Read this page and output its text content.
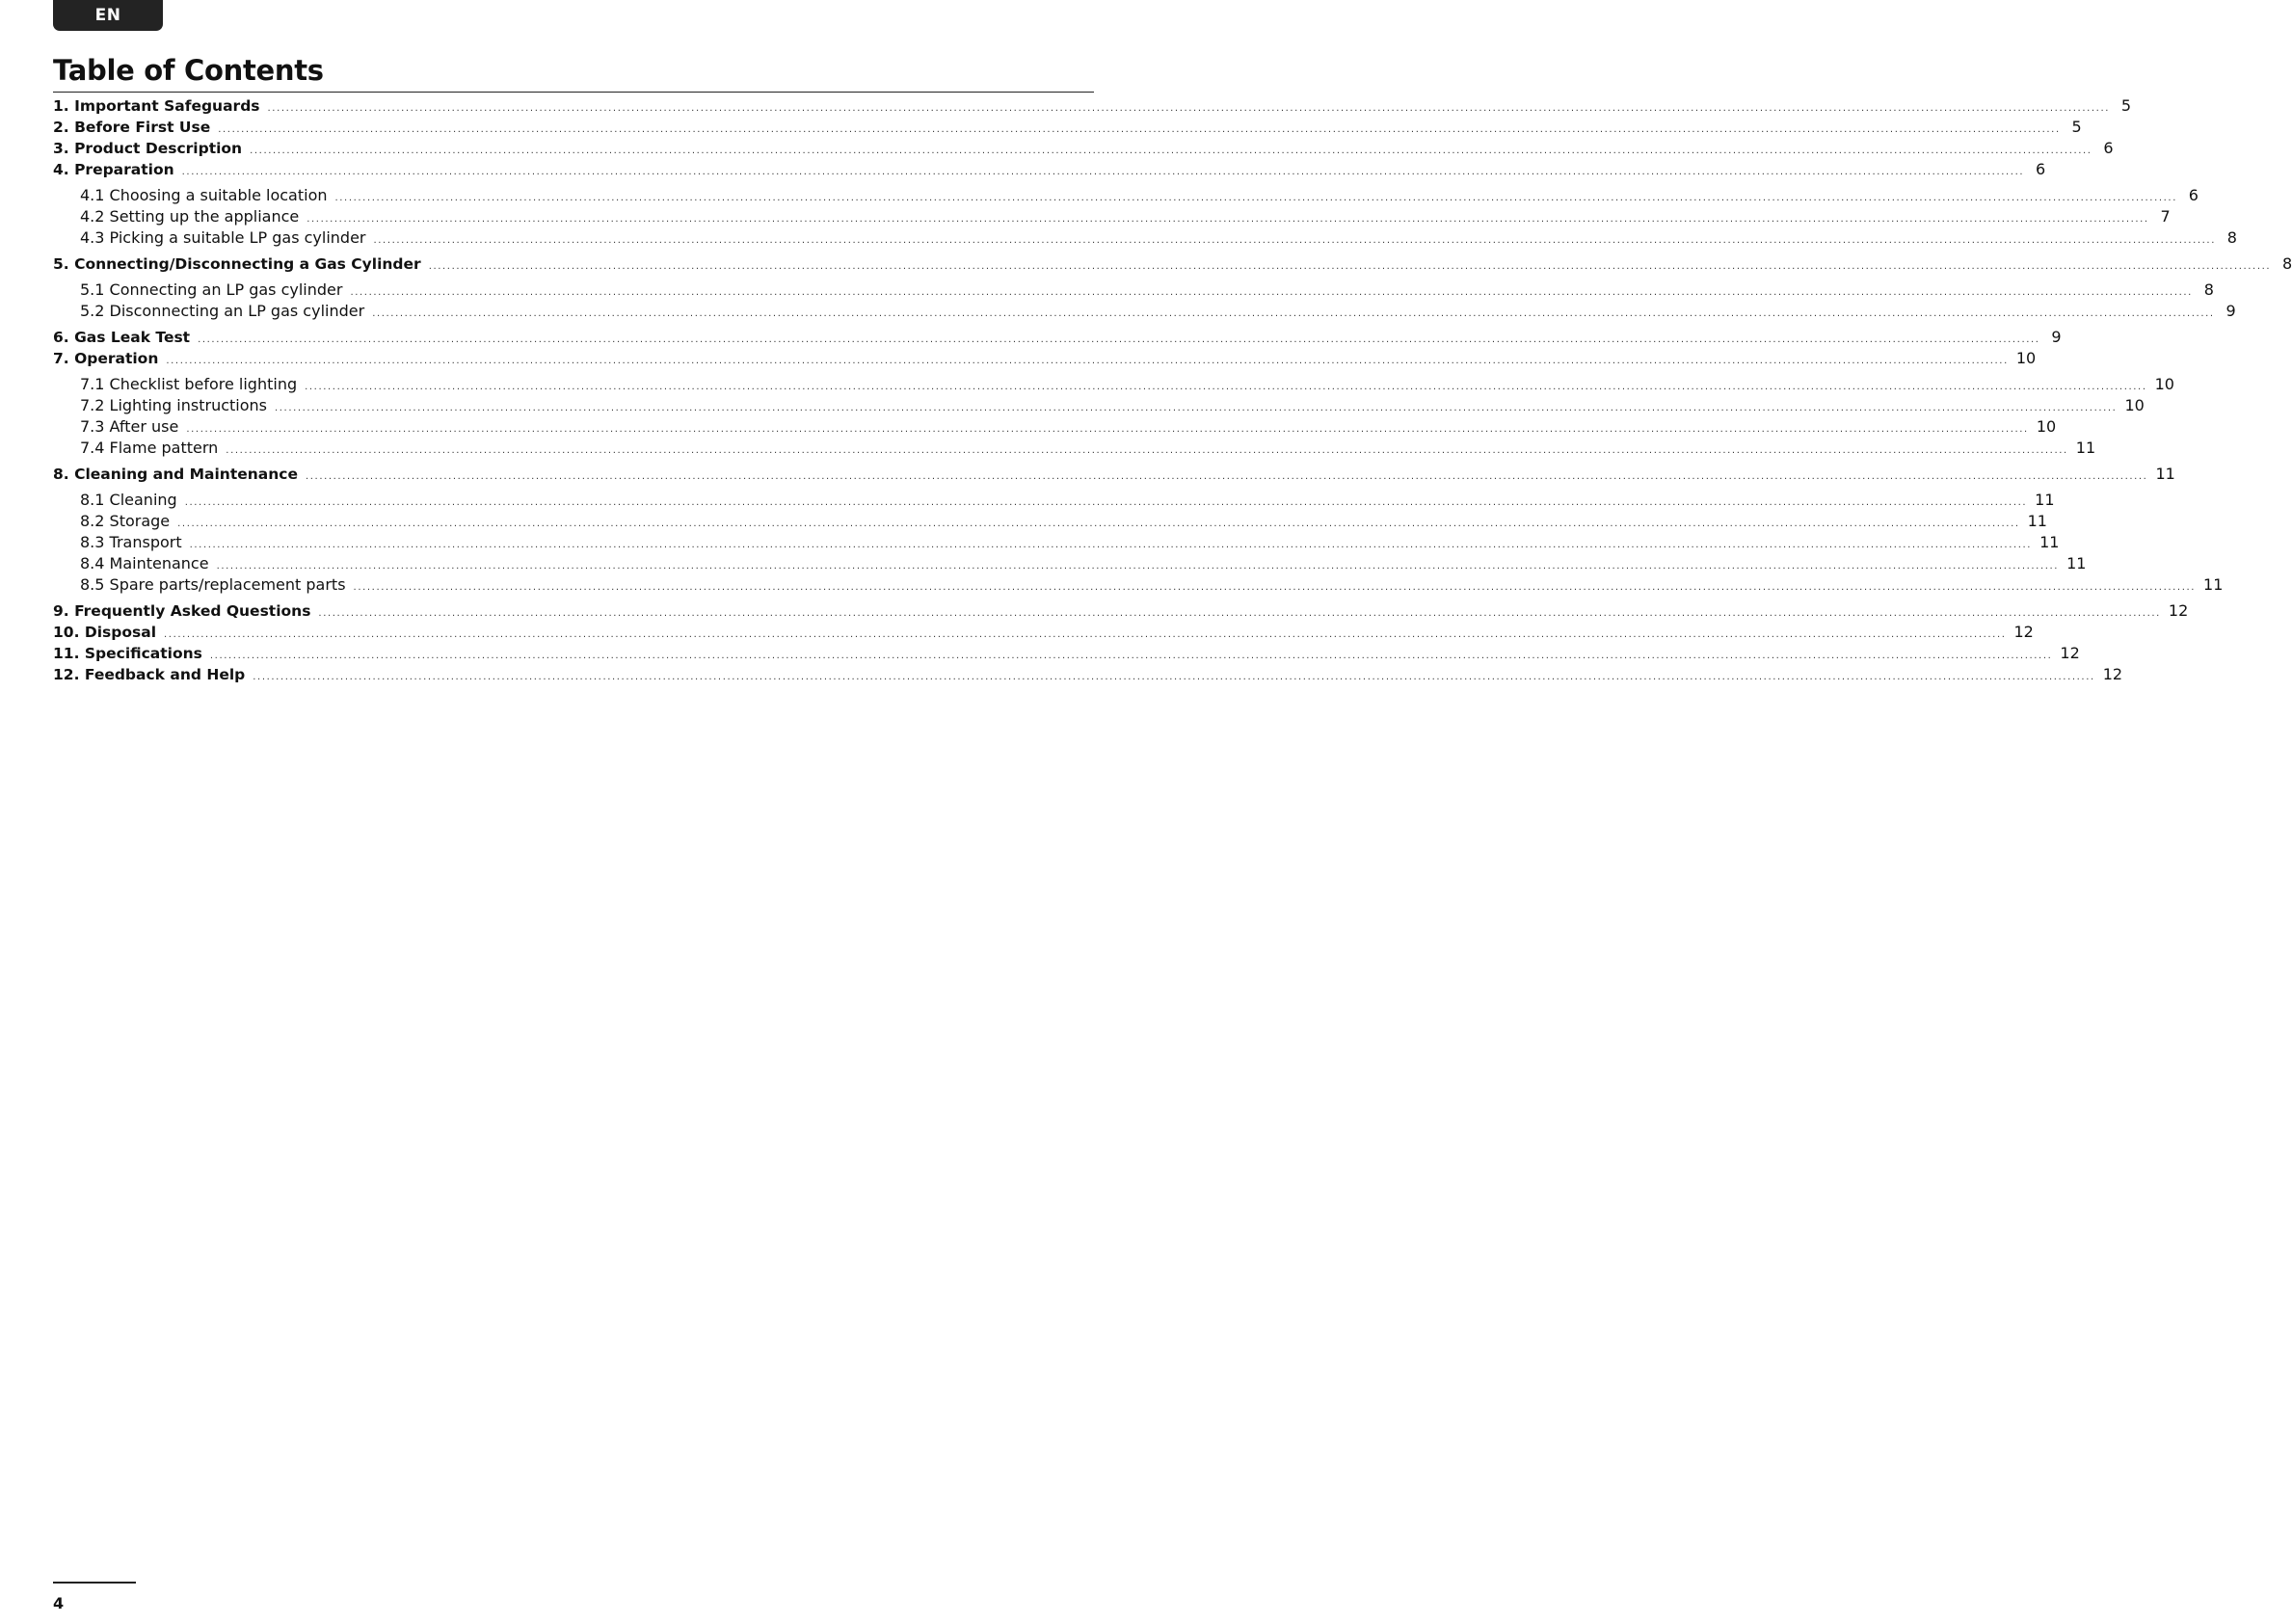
EN
Table of Contents
1. Important Safeguards ................................................................................................................................................................................................................................................................................................................................................................................................................ 5
2. Before First Use ................................................................................................................................................................................................................................................................................................................................................................................................................ 5
3. Product Description ................................................................................................................................................................................................................................................................................................................................................................................................................ 6
4. Preparation ................................................................................................................................................................................................................................................................................................................................................................................................................ 6
4.1 Choosing a suitable location ................................................................................................................................................................................................................................................................................................................................................................................................................ 6
4.2 Setting up the appliance ................................................................................................................................................................................................................................................................................................................................................................................................................ 7
4.3 Picking a suitable LP gas cylinder ................................................................................................................................................................................................................................................................................................................................................................................................................ 8
5. Connecting/Disconnecting a Gas Cylinder ................................................................................................................................................................................................................................................................................................................................................................................................................ 8
5.1 Connecting an LP gas cylinder ................................................................................................................................................................................................................................................................................................................................................................................................................ 8
5.2 Disconnecting an LP gas cylinder ................................................................................................................................................................................................................................................................................................................................................................................................................ 9
6. Gas Leak Test ................................................................................................................................................................................................................................................................................................................................................................................................................ 9
7. Operation ................................................................................................................................................................................................................................................................................................................................................................................................................ 10
7.1 Checklist before lighting ................................................................................................................................................................................................................................................................................................................................................................................................................ 10
7.2 Lighting instructions ................................................................................................................................................................................................................................................................................................................................................................................................................ 10
7.3 After use ................................................................................................................................................................................................................................................................................................................................................................................................................ 10
7.4 Flame pattern ................................................................................................................................................................................................................................................................................................................................................................................................................ 11
8. Cleaning and Maintenance ................................................................................................................................................................................................................................................................................................................................................................................................................ 11
8.1 Cleaning ................................................................................................................................................................................................................................................................................................................................................................................................................ 11
8.2 Storage ................................................................................................................................................................................................................................................................................................................................................................................................................ 11
8.3 Transport ................................................................................................................................................................................................................................................................................................................................................................................................................ 11
8.4 Maintenance ................................................................................................................................................................................................................................................................................................................................................................................................................ 11
8.5 Spare parts/replacement parts ................................................................................................................................................................................................................................................................................................................................................................................................................ 11
9. Frequently Asked Questions ................................................................................................................................................................................................................................................................................................................................................................................................................ 12
10. Disposal ................................................................................................................................................................................................................................................................................................................................................................................................................ 12
11. Specifications ................................................................................................................................................................................................................................................................................................................................................................................................................ 12
12. Feedback and Help ................................................................................................................................................................................................................................................................................................................................................................................................................ 12
4
